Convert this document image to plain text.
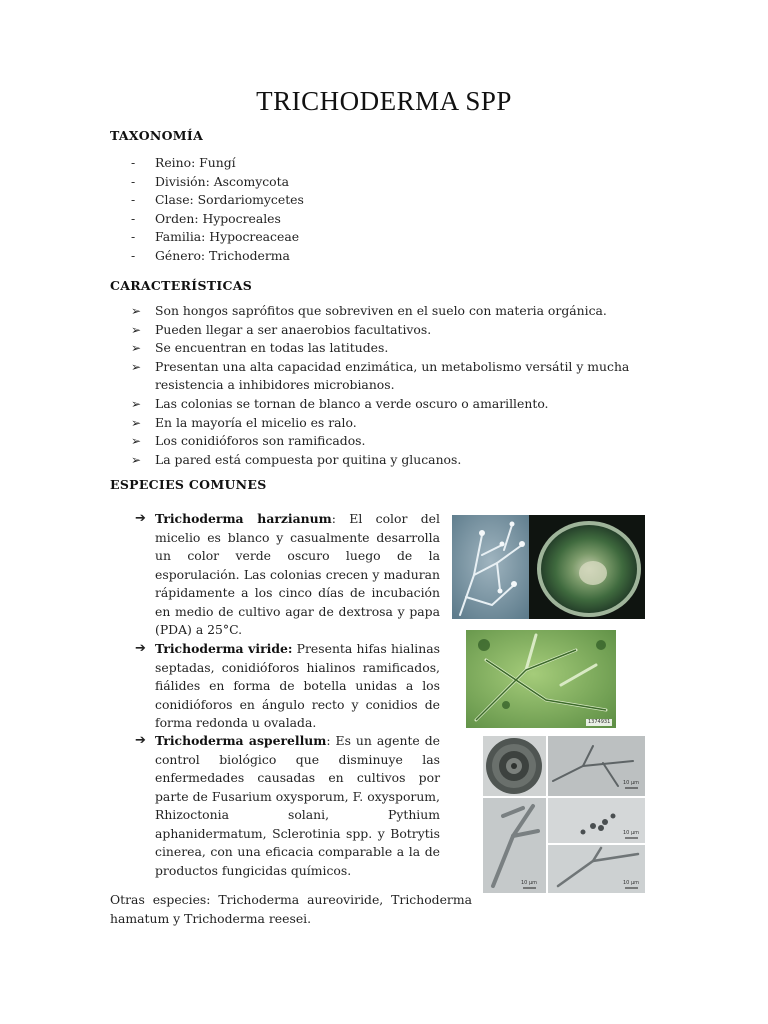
TRICHODERMA SPP
TAXONOMÍA
- Reino: Fungí
- División: Ascomycota
- Clase: Sordariomycetes
- Orden: Hypocreales
- Familia: Hypocreaceae
- Género: Trichoderma
CARACTERÍSTICAS
➢ Son hongos saprófitos que sobreviven en el suelo con materia orgánica.
➢ Pueden llegar a ser anaerobios facultativos.
➢ Se encuentran en todas las latitudes.
➢ Presentan una alta capacidad enzimática, un metabolismo versátil y mucha
resistencia a inhibidores microbianos.
➢ Las colonias se tornan de blanco a verde oscuro o amarillento.
➢ En la mayoría el micelio es ralo.
➢ Los conidióforos son ramificados.
➢ La pared está compuesta por quitina y glucanos.
ESPECIES COMUNES
➔ Trichoderma harzianum: El color del micelio es blanco y casualmente desarrolla un color verde oscuro luego de la esporulación. Las colonias crecen y maduran rápidamente a los cinco días de incubación en medio de cultivo agar de dextrosa y papa (PDA) a 25°C.
➔ Trichoderma viride: Presenta hifas hialinas septadas, conidióforos hialinos ramificados, fiálides en forma de botella unidas a los conidióforos en ángulo recto y conidios de forma redonda u ovalada.
➔ Trichoderma asperellum: Es un agente de control biológico que disminuye las enfermedades causadas en cultivos por parte de Fusarium oxysporum, F. oxysporum, Rhizoctonia solani, Pythium aphanidermatum, Sclerotinia spp. y Botrytis cinerea, con una eficacia comparable a la de productos fungicidas químicos.
Otras especies: Trichoderma aureoviride, Trichoderma hamatum y Trichoderma reesei.
1374931
10 µm
10 µm
10 µm
10 µm
